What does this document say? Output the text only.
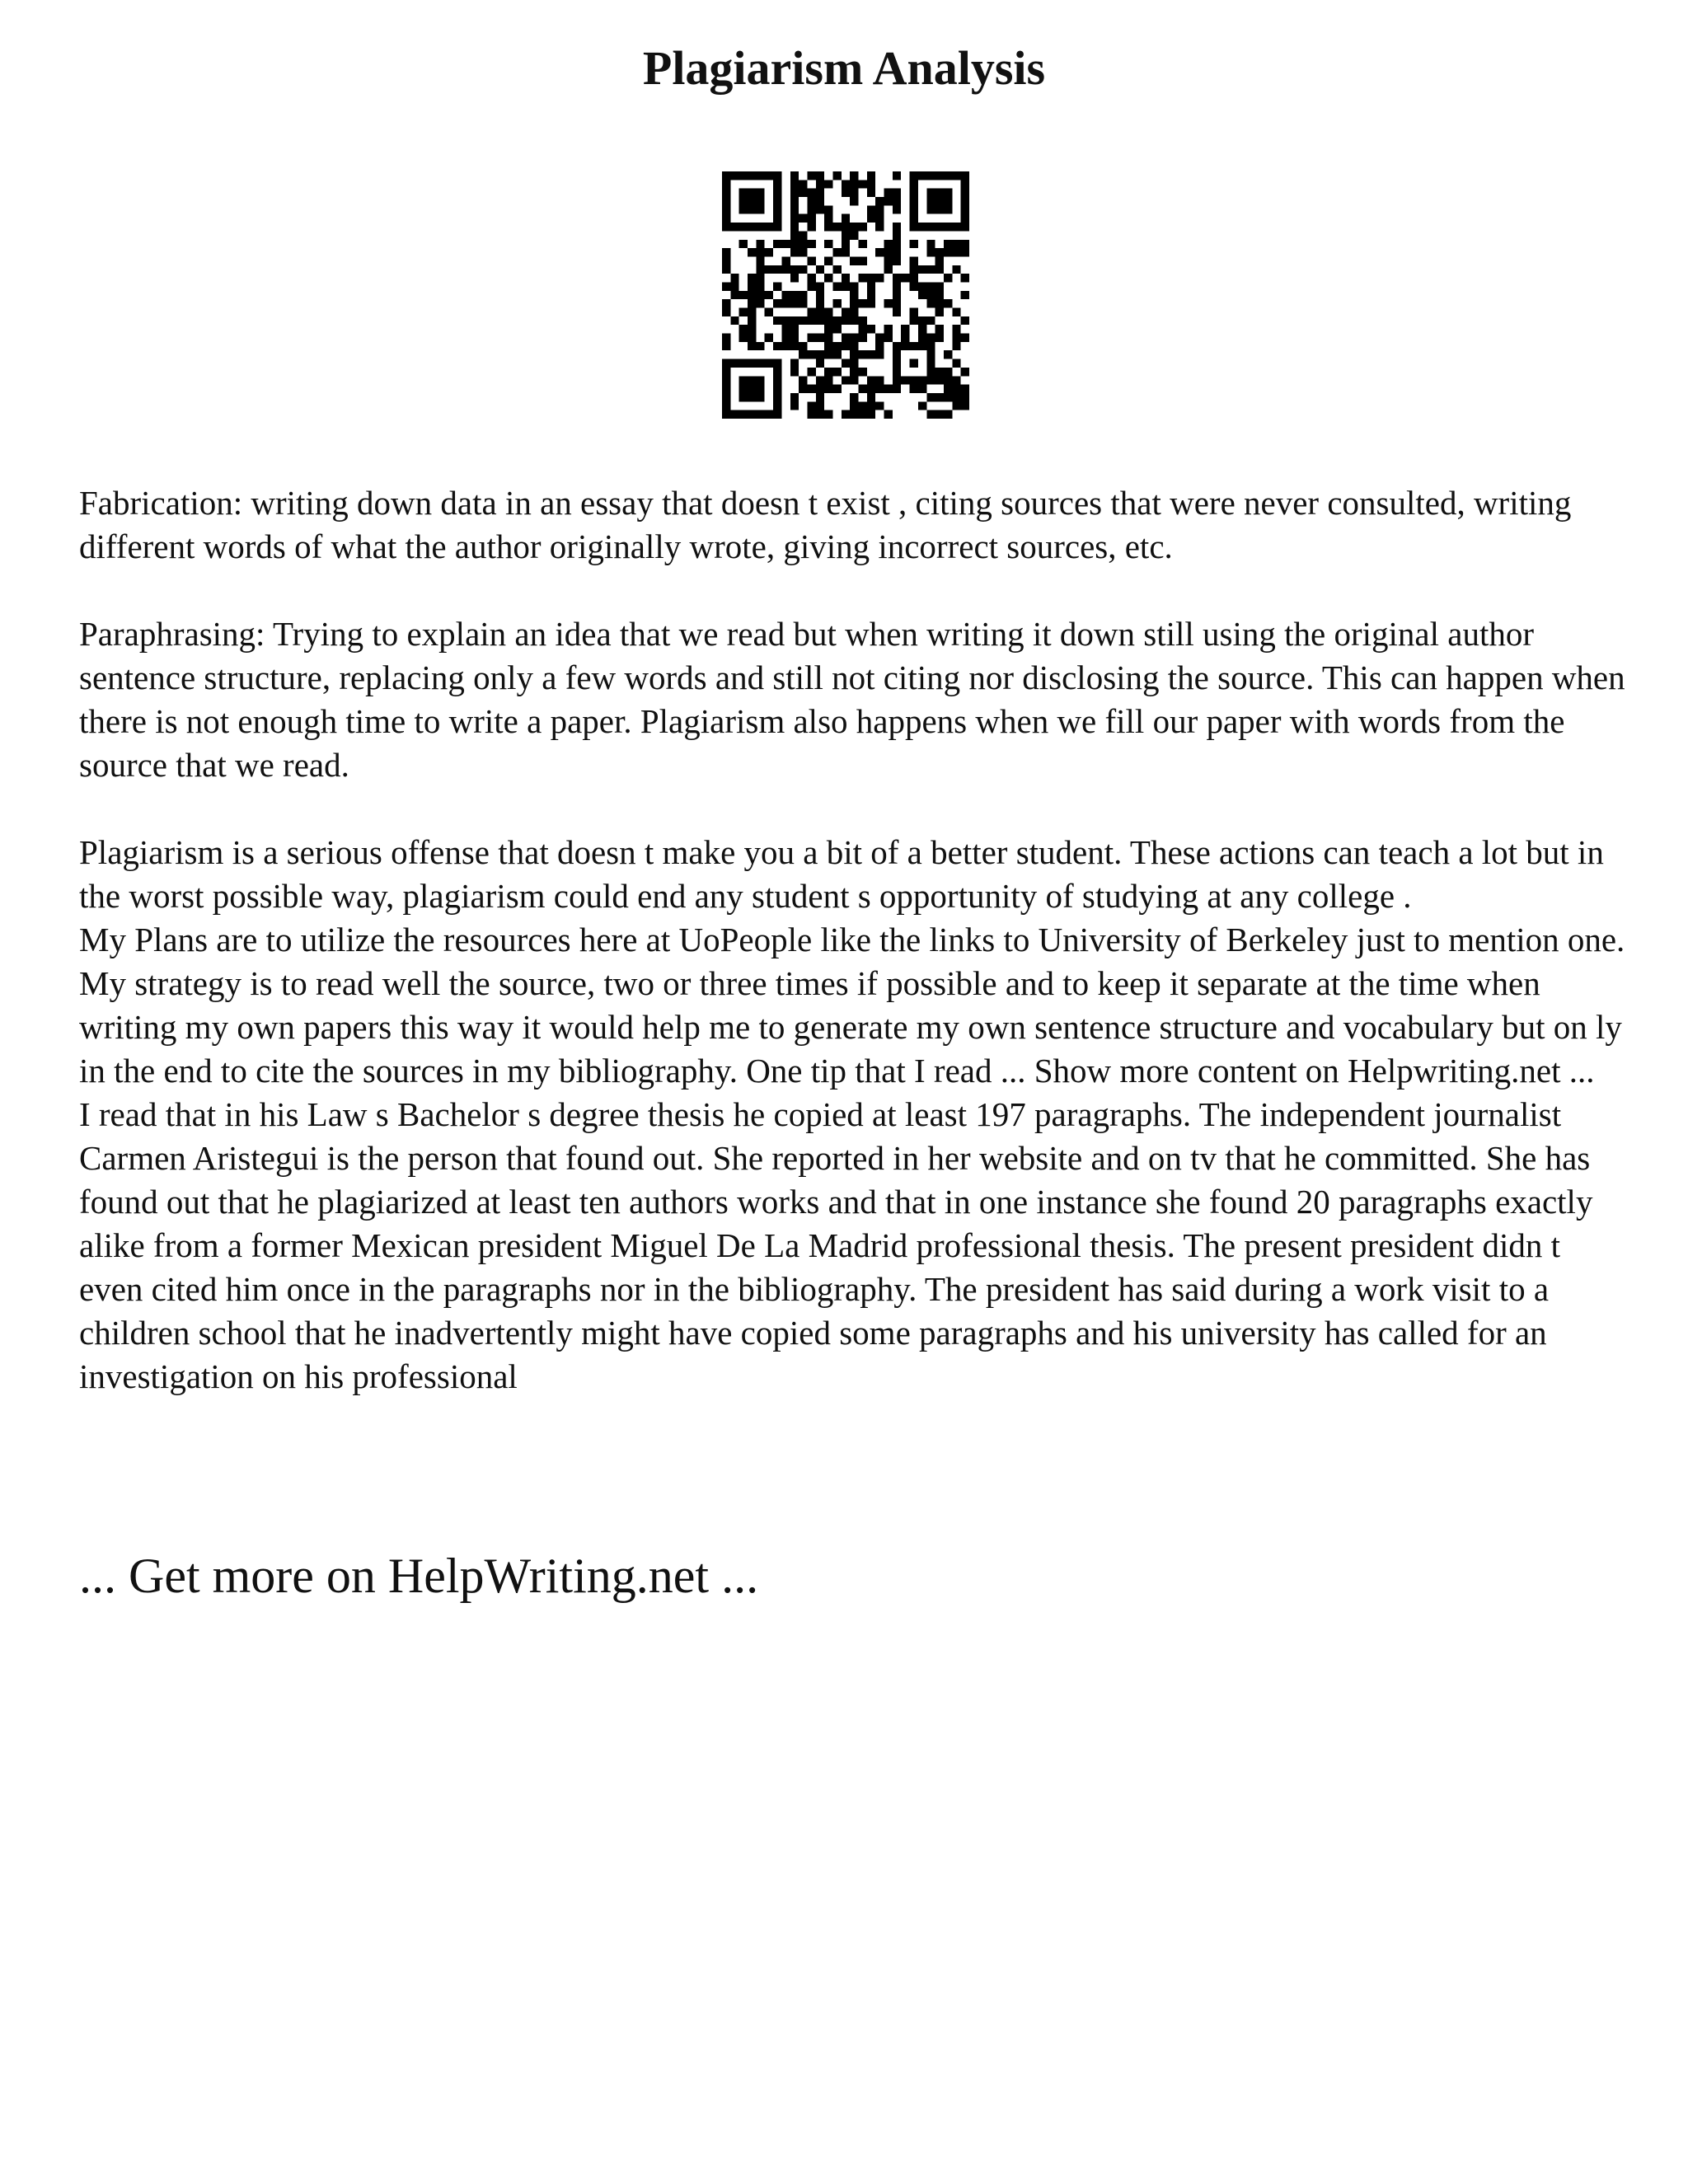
Plagiarism Analysis

Fabrication: writing down data in an essay that doesn t exist , citing sources that were never consulted, writing different words of what the author originally wrote, giving incorrect sources, etc.

Paraphrasing: Trying to explain an idea that we read but when writing it down still using the original author sentence structure, replacing only a few words and still not citing nor disclosing the source. This can happen when there is not enough time to write a paper. Plagiarism also happens when we fill our paper with words from the source that we read.

Plagiarism is a serious offense that doesn t make you a bit of a better student. These actions can teach a lot but in the worst possible way, plagiarism could end any student s opportunity of studying at any college .

My Plans are to utilize the resources here at UoPeople like the links to University of Berkeley just to mention one. My strategy is to read well the source, two or three times if possible and to keep it separate at the time when writing my own papers this way it would help me to generate my own sentence structure and vocabulary but on ly in the end to cite the sources in my bibliography. One tip that I read ... Show more content on Helpwriting.net ...

I read that in his Law s Bachelor s degree thesis he copied at least 197 paragraphs. The independent journalist Carmen Aristegui is the person that found out. She reported in her website and on tv that he committed. She has found out that he plagiarized at least ten authors works and that in one instance she found 20 paragraphs exactly alike from a former Mexican president Miguel De La Madrid professional thesis. The present president didn t even cited him once in the paragraphs nor in the bibliography. The president has said during a work visit to a children school that he inadvertently might have copied some paragraphs and his university has called for an investigation on his professional

... Get more on HelpWriting.net ...
